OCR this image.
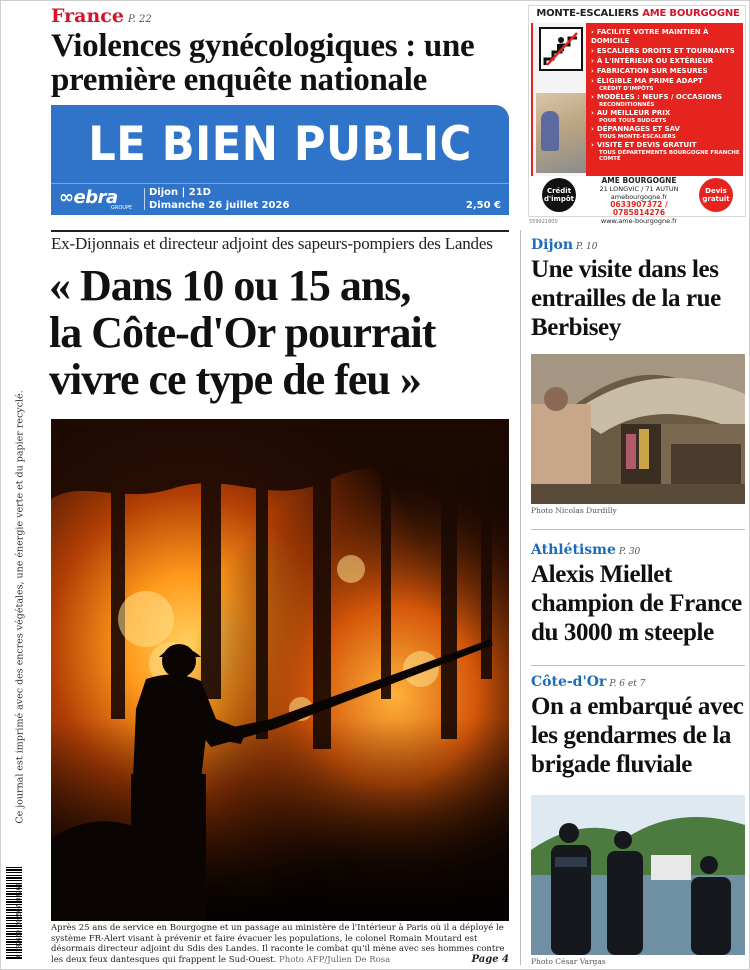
Ce journal est imprimé avec des encres végétales, une énergie verte et du papier recyclé.
3 782630 602507 07260
France P. 22
Violences gynécologiques : une première enquête nationale
LE BIEN PUBLIC
∞ebra
GROUPE
Dijon | 21D
Dimanche 26 juillet 2026	2,50 €
MONTE-ESCALIERS AME BOURGOGNE
› FACILITE VOTRE MAINTIEN À DOMICILE
› ESCALIERS DROITS ET TOURNANTS
› À L'INTÉRIEUR OU EXTÉRIEUR
› FABRICATION SUR MESURES
› ÉLIGIBLE MA PRIME ADAPT
CRÉDIT D'IMPÔTS
› MODÈLES : NEUFS / OCCASIONS
RECONDITIONNÉS
› AU MEILLEUR PRIX
POUR TOUS BUDGETS
› DÉPANNAGES ET SAV
TOUS MONTE-ESCALIERS
› VISITE ET DEVIS GRATUIT
TOUS DÉPARTEMENTS BOURGOGNE FRANCHE COMTÉ
Crédit d'impôt
AME BOURGOGNE
21 LONGVIC / 71 AUTUN
amebourgogne.fr
0633907372 / 0785814276
www.ame-bourgogne.fr
Devis gratuit
559921800
Ex-Dijonnais et directeur adjoint des sapeurs-pompiers des Landes
« Dans 10 ou 15 ans,
la Côte-d'Or pourrait
vivre ce type de feu »
Après 25 ans de service en Bourgogne et un passage au ministère de l'Intérieur à Paris où il a déployé le système FR-Alert visant à prévenir et faire évacuer les populations, le colonel Romain Moutard est désormais directeur adjoint du Sdis des Landes. Il raconte le combat qu'il mène avec ses hommes contre les deux feux dantesques qui frappent le Sud-Ouest. Photo AFP/Julien De Rosa	Page 4
Dijon P. 10
Une visite dans les entrailles de la rue Berbisey
Photo Nicolas Durdilly
Athlétisme P. 30
Alexis Miellet champion de France du 3000 m steeple
Côte-d'Or P. 6 et 7
On a embarqué avec les gendarmes de la brigade fluviale
Photo César Vargas
